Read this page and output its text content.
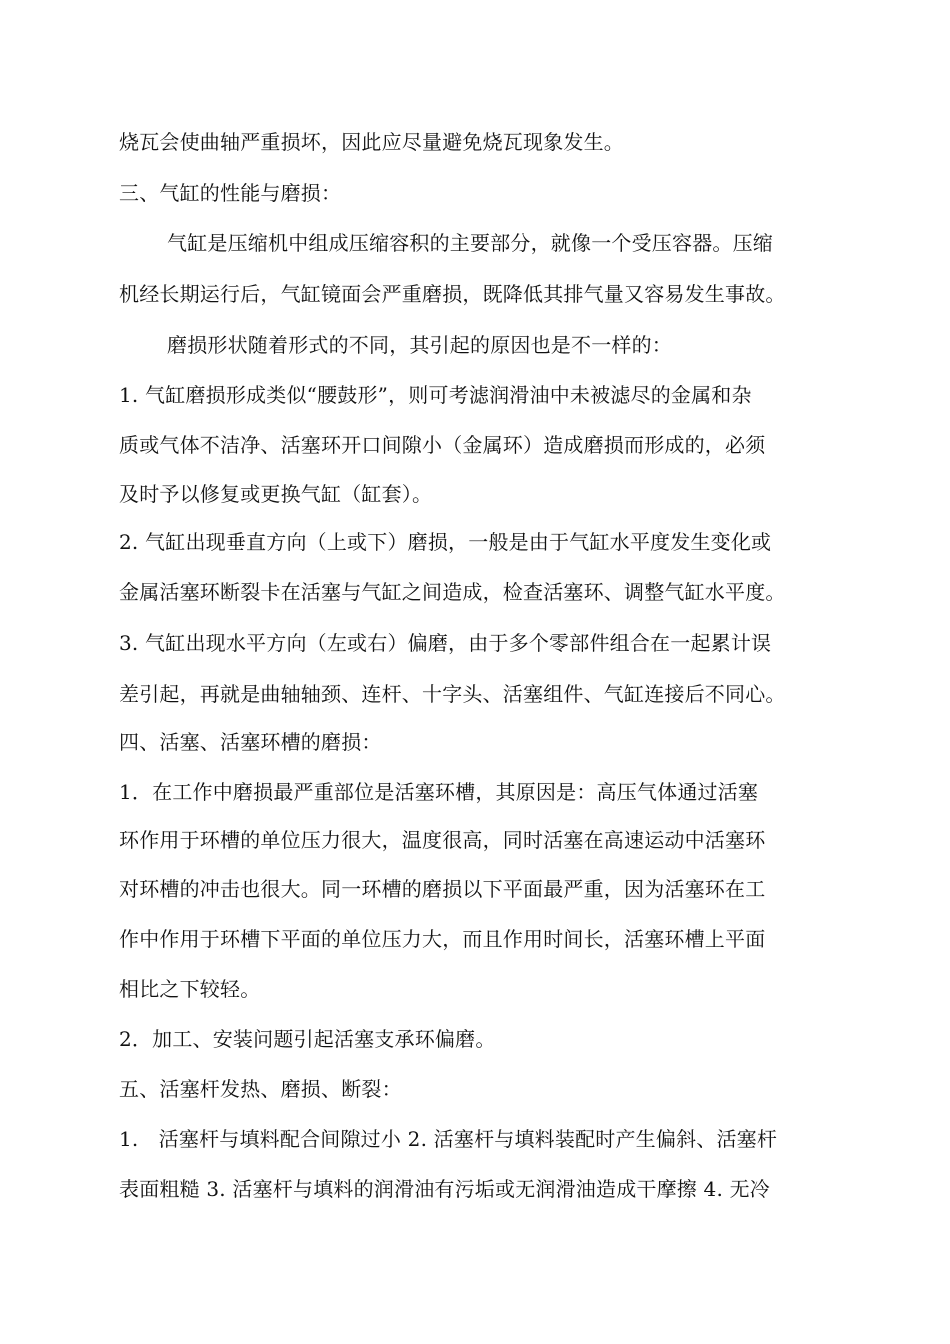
烧瓦会使曲轴严重损坏，因此应尽量避免烧瓦现象发生。
三、气缸的性能与磨损：
气缸是压缩机中组成压缩容积的主要部分，就像一个受压容器。压缩
机经长期运行后，气缸镜面会严重磨损，既降低其排气量又容易发生事故。
磨损形状随着形式的不同，其引起的原因也是不一样的：
1. 气缸磨损形成类似“腰鼓形”，则可考滤润滑油中未被滤尽的金属和杂
质或气体不洁净、活塞环开口间隙小（金属环）造成磨损而形成的，必须
及时予以修复或更换气缸（缸套）。
2. 气缸出现垂直方向（上或下）磨损，一般是由于气缸水平度发生变化或
金属活塞环断裂卡在活塞与气缸之间造成，检查活塞环、调整气缸水平度。
3. 气缸出现水平方向（左或右）偏磨，由于多个零部件组合在一起累计误
差引起，再就是曲轴轴颈、连杆、十字头、活塞组件、气缸连接后不同心。
四、活塞、活塞环槽的磨损：
1．在工作中磨损最严重部位是活塞环槽，其原因是：高压气体通过活塞
环作用于环槽的单位压力很大，温度很高，同时活塞在高速运动中活塞环
对环槽的冲击也很大。同一环槽的磨损以下平面最严重，因为活塞环在工
作中作用于环槽下平面的单位压力大，而且作用时间长，活塞环槽上平面
相比之下较轻。
2．加工、安装问题引起活塞支承环偏磨。
五、活塞杆发热、磨损、断裂：
1.　活塞杆与填料配合间隙过小 2. 活塞杆与填料装配时产生偏斜、活塞杆
表面粗糙 3. 活塞杆与填料的润滑油有污垢或无润滑油造成干摩擦 4. 无冷
